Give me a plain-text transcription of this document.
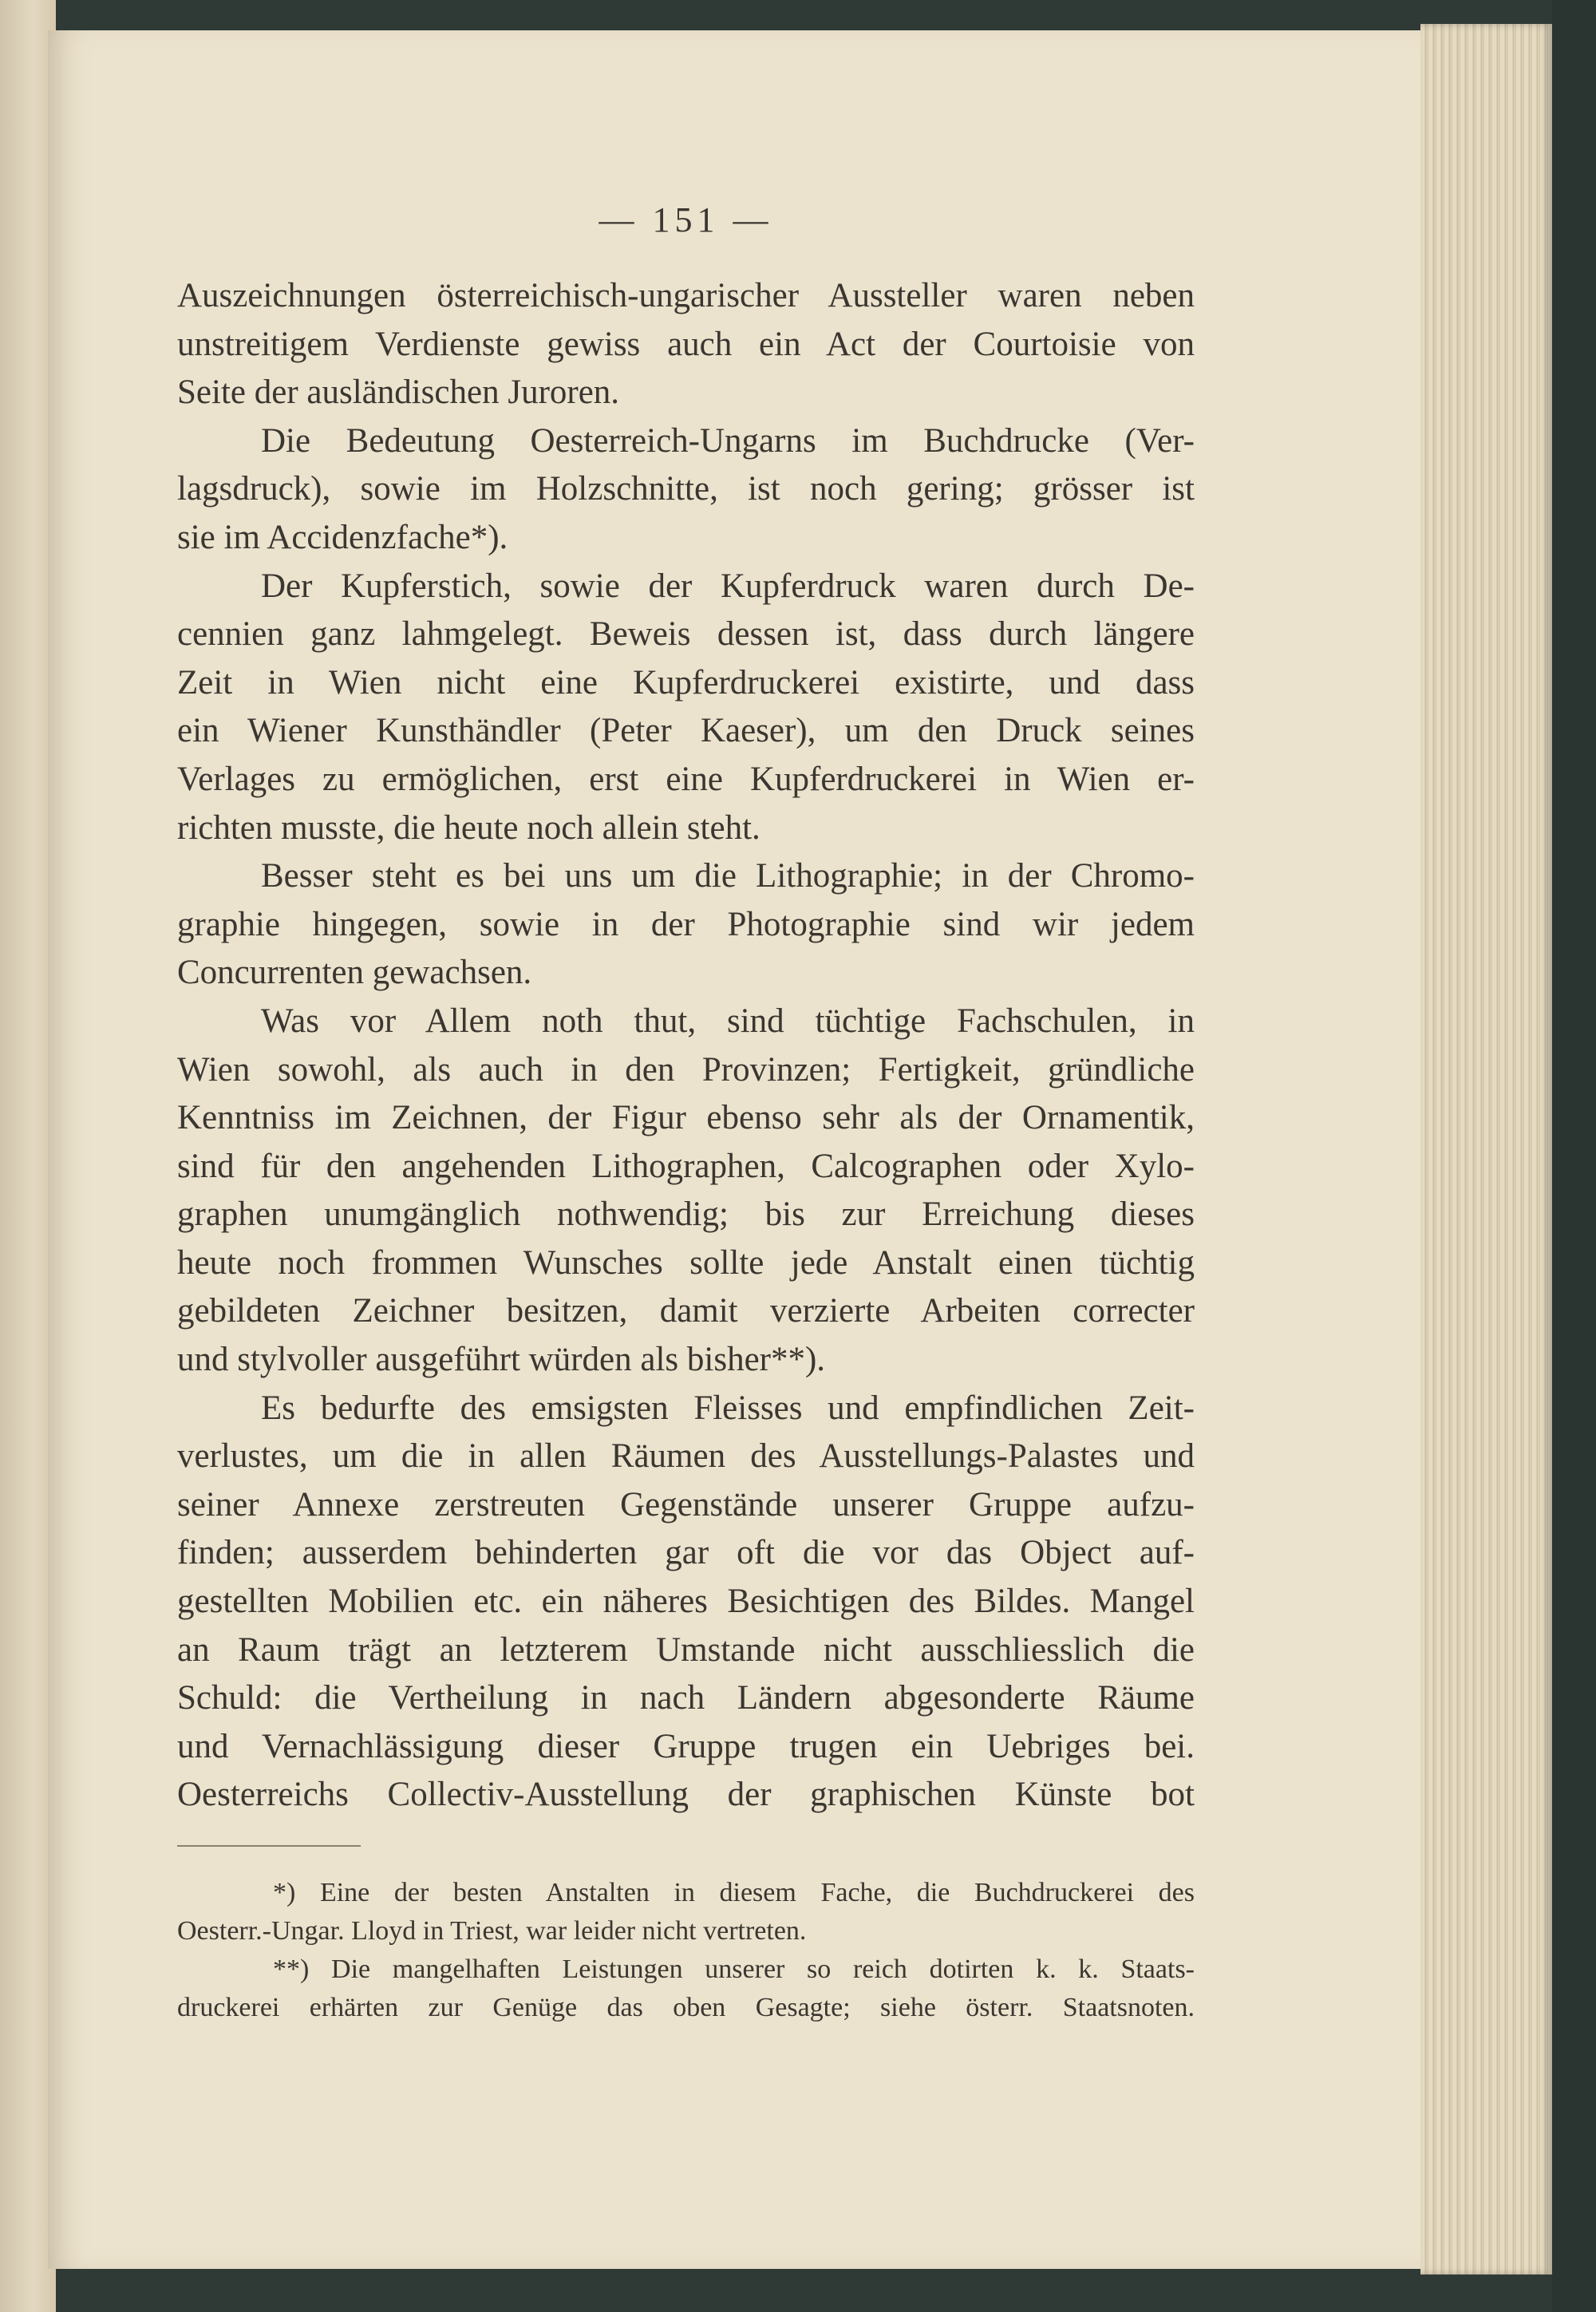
— 151 —
Auszeichnungen österreichisch-ungarischer Aussteller waren neben
unstreitigem Verdienste gewiss auch ein Act der Courtoisie von
Seite der ausländischen Juroren.
Die Bedeutung Oesterreich-Ungarns im Buchdrucke (Ver-
lagsdruck), sowie im Holzschnitte, ist noch gering; grösser ist
sie im Accidenzfache*).
Der Kupferstich, sowie der Kupferdruck waren durch De-
cennien ganz lahmgelegt. Beweis dessen ist, dass durch längere
Zeit in Wien nicht eine Kupferdruckerei existirte, und dass
ein Wiener Kunsthändler (Peter Kaeser), um den Druck seines
Verlages zu ermöglichen, erst eine Kupferdruckerei in Wien er-
richten musste, die heute noch allein steht.
Besser steht es bei uns um die Lithographie; in der Chromo-
graphie hingegen, sowie in der Photographie sind wir jedem
Concurrenten gewachsen.
Was vor Allem noth thut, sind tüchtige Fachschulen, in
Wien sowohl, als auch in den Provinzen; Fertigkeit, gründliche
Kenntniss im Zeichnen, der Figur ebenso sehr als der Ornamentik,
sind für den angehenden Lithographen, Calcographen oder Xylo-
graphen unumgänglich nothwendig; bis zur Erreichung dieses
heute noch frommen Wunsches sollte jede Anstalt einen tüchtig
gebildeten Zeichner besitzen, damit verzierte Arbeiten correcter
und stylvoller ausgeführt würden als bisher**).
Es bedurfte des emsigsten Fleisses und empfindlichen Zeit-
verlustes, um die in allen Räumen des Ausstellungs-Palastes und
seiner Annexe zerstreuten Gegenstände unserer Gruppe aufzu-
finden; ausserdem behinderten gar oft die vor das Object auf-
gestellten Mobilien etc. ein näheres Besichtigen des Bildes. Mangel
an Raum trägt an letzterem Umstande nicht ausschliesslich die
Schuld: die Vertheilung in nach Ländern abgesonderte Räume
und Vernachlässigung dieser Gruppe trugen ein Uebriges bei.
Oesterreichs Collectiv-Ausstellung der graphischen Künste bot
*) Eine der besten Anstalten in diesem Fache, die Buchdruckerei des
Oesterr.-Ungar. Lloyd in Triest, war leider nicht vertreten.
**) Die mangelhaften Leistungen unserer so reich dotirten k. k. Staats-
druckerei erhärten zur Genüge das oben Gesagte; siehe österr. Staatsnoten.
